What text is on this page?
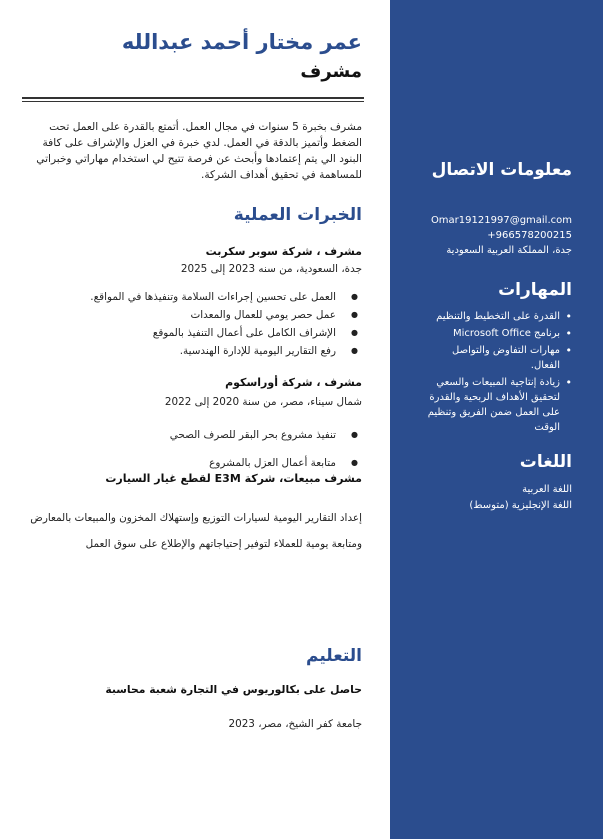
عمر مختار أحمد عبدالله
مشرف

مشرف بخبرة 5 سنوات في مجال العمل. أتمتع بالقدرة على العمل تحت الضغط وأتميز بالدقة في العمل. لدي خبرة في العزل والإشراف على كافة البنود الي يتم إعتمادها وأبحث عن فرصة تتيح لي استخدام مهاراتي وخبراتي للمساهمة في تحقيق أهداف الشركة.

الخبرات العملية
مشرف ، شركة سوبر سكربت
جدة، السعودية، من سنه 2023 إلى 2025
● العمل على تحسين إجراءات السلامة وتنفيذها في المواقع.
● عمل حصر يومي للعمال والمعدات
● الإشراف الكامل على أعمال التنفيذ بالموقع
● رفع التقارير اليومية للإدارة الهندسية.
مشرف ، شركة أوراسكوم
شمال سيناء، مصر، من سنة 2020 إلى 2022
● تنفيذ مشروع بحر البقر للصرف الصحي
● متابعة أعمال العزل بالمشروع
مشرف مبيعات، شركة E3M لقطع غيار السيارت

إعداد التقارير اليومية لسيارات التوزيع وإستهلاك المخزون والمبيعات بالمعارض ومتابعة يومية للعملاء لتوفير إحتياجاتهم والإطلاع على سوق العمل

التعليم
حاصل على بكالوريوس في التجارة شعبة محاسبة
جامعة كفر الشيخ، مصر، 2023
معلومات الاتصال
Omar19121997@gmail.com
+966578200215
جدة، المملكة العربية السعودية
المهارات
• القدرة على التخطيط والتنظيم
• برنامج Microsoft Office
• مهارات التفاوض والتواصل الفعال.
• زيادة إنتاجية المبيعات والسعي لتحقيق الأهداف الربحية والقدرة على العمل ضمن الفريق وتنظيم الوقت
اللغات
اللغة العربية
اللغة الإنجليزية (متوسط)
